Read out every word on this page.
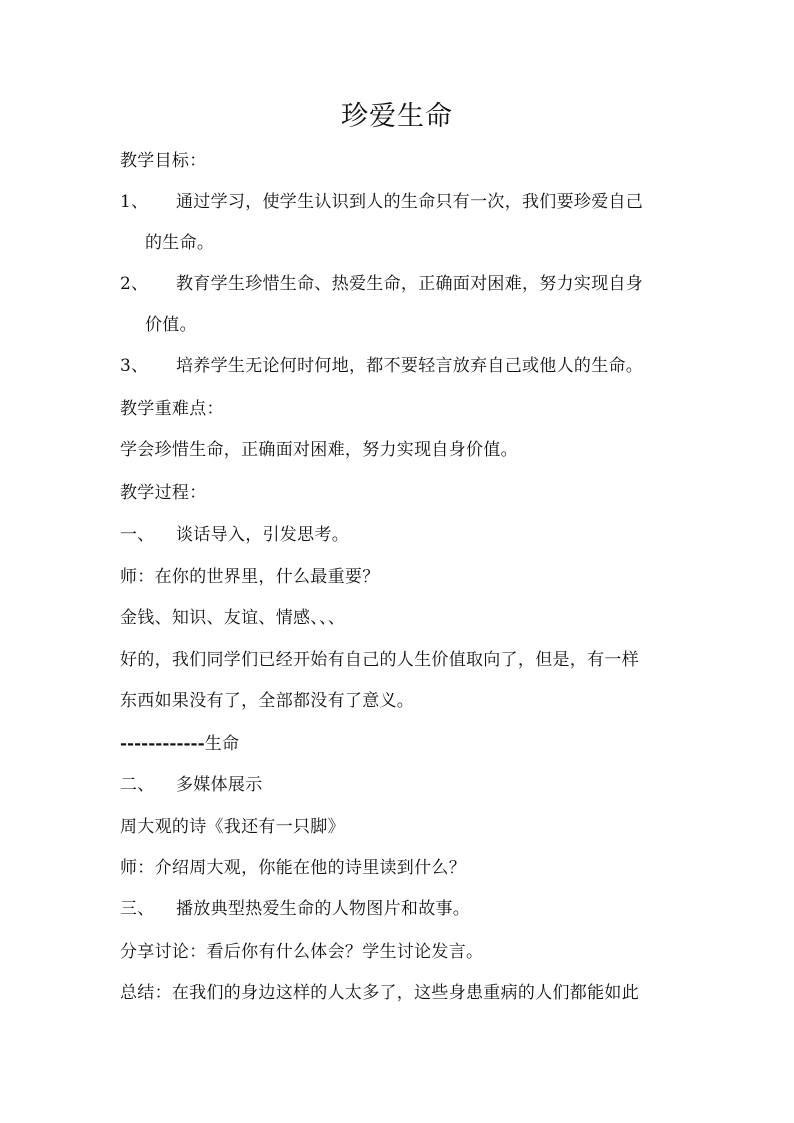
珍爱生命
教学目标：
1、 通过学习，使学生认识到人的生命只有一次，我们要珍爱自己
的生命。
2、 教育学生珍惜生命、热爱生命，正确面对困难，努力实现自身
价值。
3、 培养学生无论何时何地，都不要轻言放弃自己或他人的生命。
教学重难点：
学会珍惜生命，正确面对困难，努力实现自身价值。
教学过程：
一、 谈话导入，引发思考。
师：在你的世界里，什么最重要？
金钱、知识、友谊、情感、、、
好的，我们同学们已经开始有自己的人生价值取向了，但是，有一样
东西如果没有了，全部都没有了意义。
------------生命
二、 多媒体展示
周大观的诗《我还有一只脚》
师：介绍周大观，你能在他的诗里读到什么？
三、 播放典型热爱生命的人物图片和故事。
分享讨论：看后你有什么体会？学生讨论发言。
总结：在我们的身边这样的人太多了，这些身患重病的人们都能如此
